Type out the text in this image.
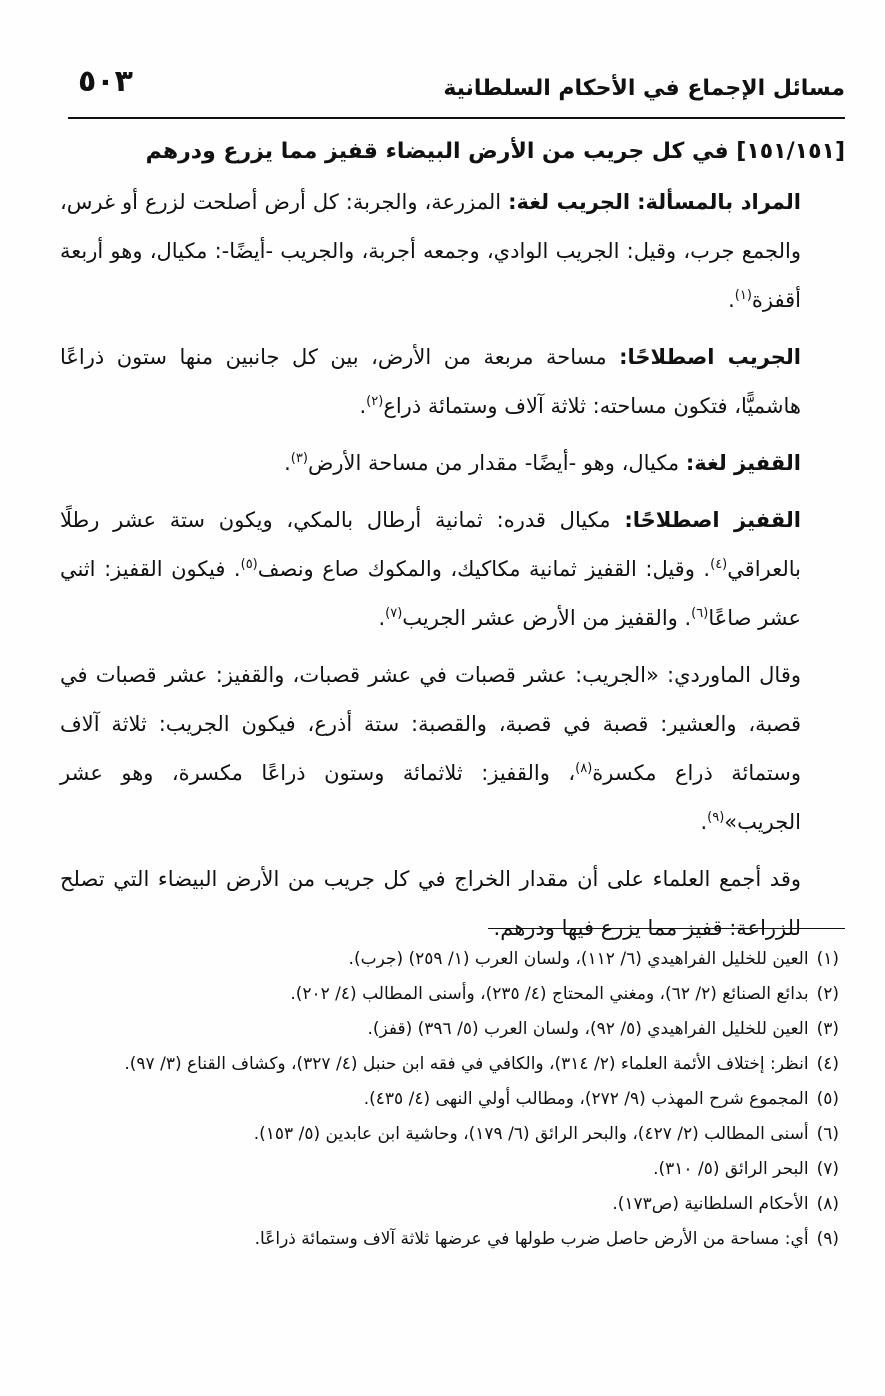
مسائل الإجماع في الأحكام السلطانية
٥٠٣
[١٥١/١٥١] في كل جريب من الأرض البيضاء قفيز مما يزرع ودرهم

المراد بالمسألة: الجريب لغة: المزرعة، والجربة: كل أرض أصلحت لزرع أو غرس، والجمع جرب، وقيل: الجريب الوادي، وجمعه أجربة، والجريب -أيضًا-: مكيال، وهو أربعة أقفزة$^{(١)}$.

الجريب اصطلاحًا: مساحة مربعة من الأرض، بين كل جانبين منها ستون ذراعًا هاشميًّا، فتكون مساحته: ثلاثة آلاف وستمائة ذراع$^{(٢)}$.

القفيز لغة: مكيال، وهو -أيضًا- مقدار من مساحة الأرض$^{(٣)}$.

القفيز اصطلاحًا: مكيال قدره: ثمانية أرطال بالمكي، ويكون ستة عشر رطلًا بالعراقي$^{(٤)}$. وقيل: القفيز ثمانية مكاكيك، والمكوك صاع ونصف$^{(٥)}$. فيكون القفيز: اثني عشر صاعًا$^{(٦)}$. والقفيز من الأرض عشر الجريب$^{(٧)}$.

وقال الماوردي: «الجريب: عشر قصبات في عشر قصبات، والقفيز: عشر قصبات في قصبة، والعشير: قصبة في قصبة، والقصبة: ستة أذرع، فيكون الجريب: ثلاثة آلاف وستمائة ذراع مكسرة$^{(٨)}$، والقفيز: ثلاثمائة وستون ذراعًا مكسرة، وهو عشر الجريب»$^{(٩)}$.

وقد أجمع العلماء على أن مقدار الخراج في كل جريب من الأرض البيضاء التي تصلح للزراعة: قفيز مما يزرع فيها ودرهم.

(١)العين للخليل الفراهيدي (٦/ ١١٢)، ولسان العرب (١/ ٢٥٩) (جرب).
(٢)بدائع الصنائع (٢/ ٦٢)، ومغني المحتاج (٤/ ٢٣٥)، وأسنى المطالب (٤/ ٢٠٢).
(٣)العين للخليل الفراهيدي (٥/ ٩٢)، ولسان العرب (٥/ ٣٩٦) (قفز).
(٤)انظر: إختلاف الأئمة العلماء (٢/ ٣١٤)، والكافي في فقه ابن حنبل (٤/ ٣٢٧)، وكشاف القناع (٣/ ٩٧).
(٥)المجموع شرح المهذب (٩/ ٢٧٢)، ومطالب أولي النهى (٤/ ٤٣٥).
(٦)أسنى المطالب (٢/ ٤٢٧)، والبحر الرائق (٦/ ١٧٩)، وحاشية ابن عابدين (٥/ ١٥٣).
(٧)البحر الرائق (٥/ ٣١٠).
(٨)الأحكام السلطانية (ص١٧٣).
(٩)أي: مساحة من الأرض حاصل ضرب طولها في عرضها ثلاثة آلاف وستمائة ذراعًا.
